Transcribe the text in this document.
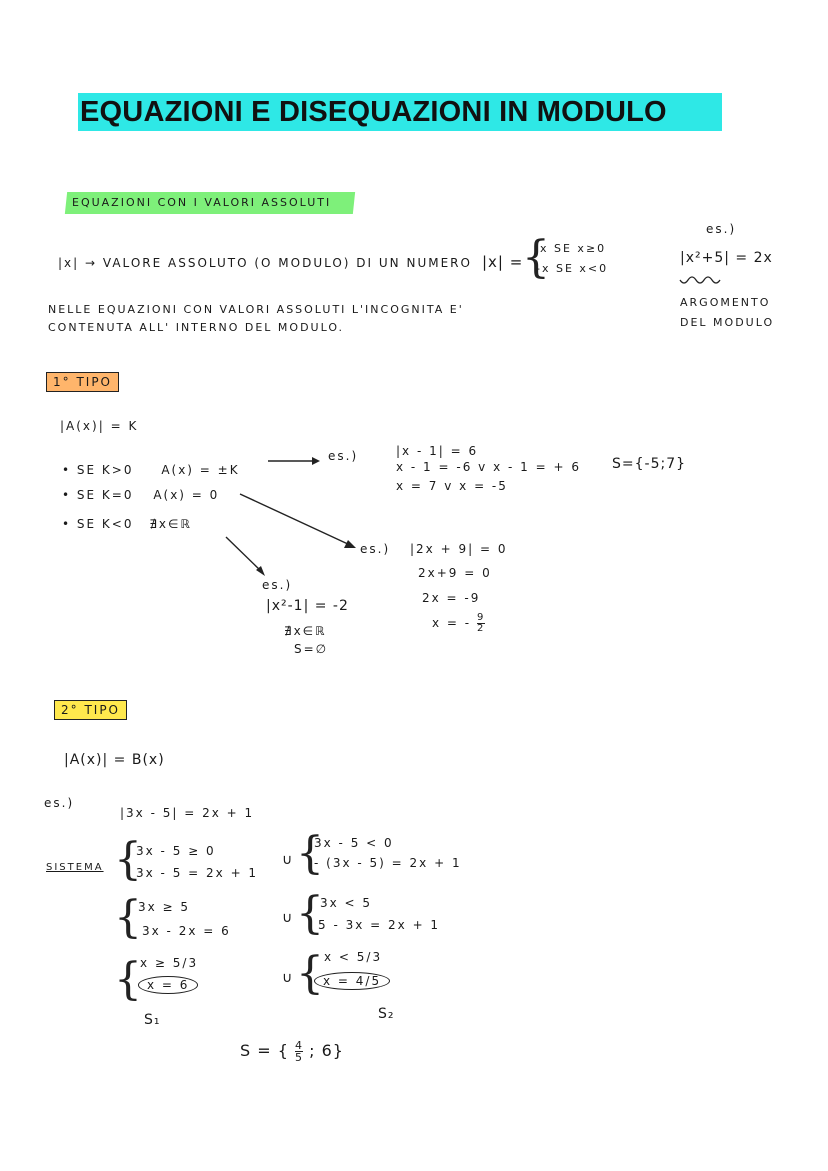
EQUAZIONI E DISEQUAZIONI IN MODULO
EQUAZIONI CON I VALORI ASSOLUTI
|x| → VALORE ASSOLUTO (O MODULO) DI UN NUMERO |x| =
{
x SE x≥0
-x SE x<0
es.)
|x²+5| = 2x
ARGOMENTO
DEL MODULO
NELLE EQUAZIONI CON VALORI ASSOLUTI L'INCOGNITA E'
CONTENUTA ALL' INTERNO DEL MODULO.
1° TIPO
|A(x)| = K
• SE K>0 A(x) = ±K
• SE K=0 A(x) = 0
• SE K<0 ∄x∈ℝ
es.)	|x - 1| = 6
x - 1 = -6 v x - 1 = + 6
x = 7 v x = -5
S={-5;7}
es.) |2x + 9| = 0
2x+9 = 0
2x = -9
x = - $\frac{9}{2}$
es.)
|x²-1| = -2
∄x∈ℝ
S=∅
2° TIPO
|A(x)| = B(x)
es.)
|3x - 5| = 2x + 1
SISTEMA {
3x - 5 ≥ 0
3x - 5 = 2x + 1
{
3x ≥ 5
3x - 2x = 6
{
x ≥ 5/3
x = 6
S₁
∪
∪
∪
{
3x - 5 < 0
- (3x - 5) = 2x + 1
{
3x < 5
5 - 3x = 2x + 1
{ x < 5/3
x = 4/5
S₂
S = { $\frac{4}{5}$ ; 6}
